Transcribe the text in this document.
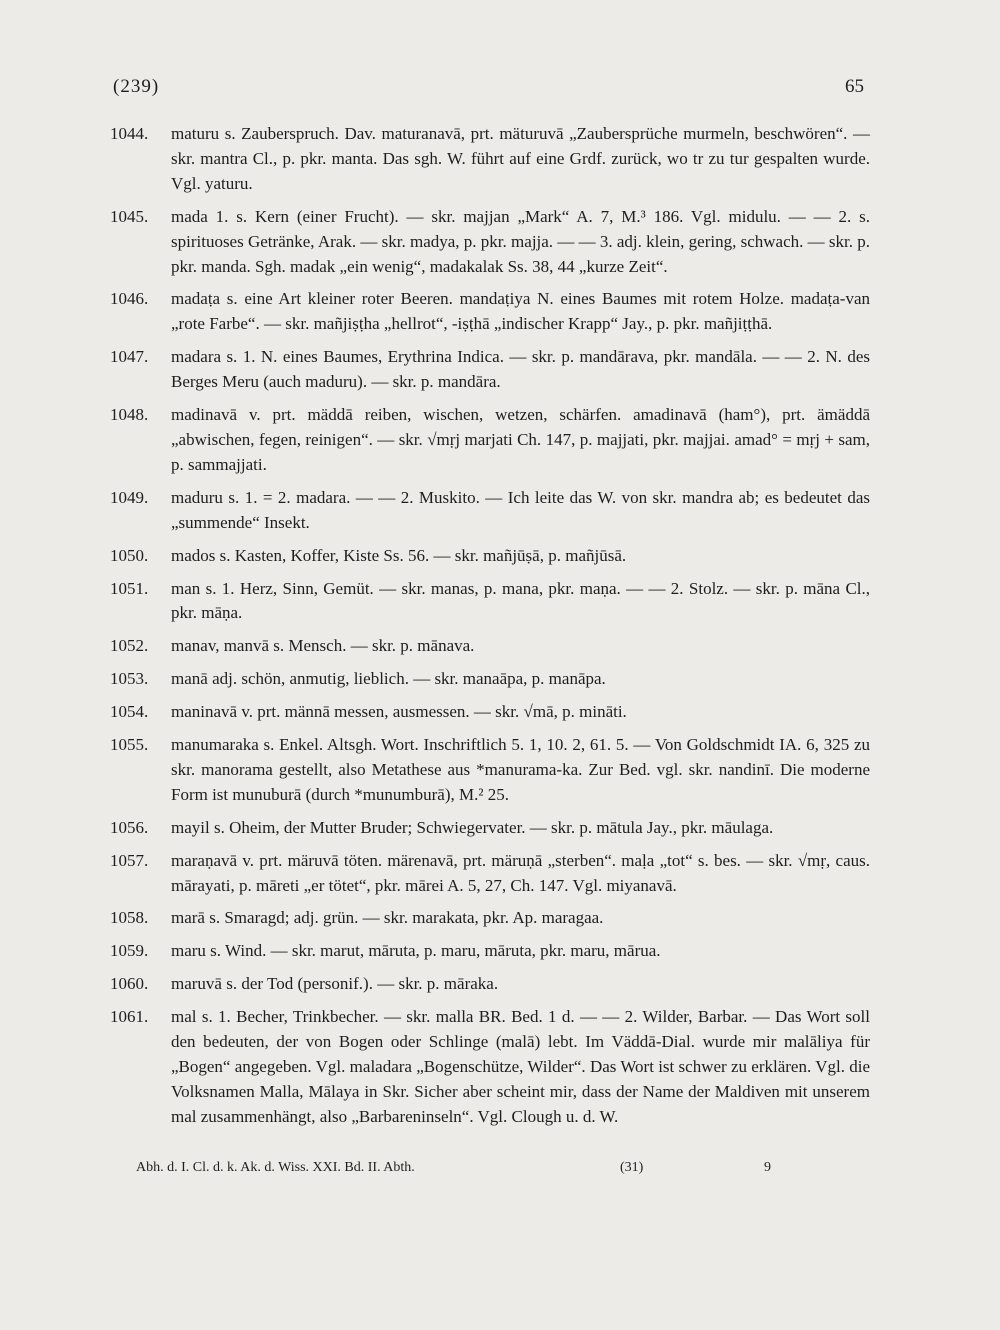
(239)	65
1044. maturu s. Zauberspruch. Dav. maturanavā, prt. mäturuvā „Zaubersprüche murmeln, beschwören“. — skr. mantra Cl., p. pkr. manta. Das sgh. W. führt auf eine Grdf. zurück, wo tr zu tur gespalten wurde. Vgl. yaturu.
1045. mada 1. s. Kern (einer Frucht). — skr. majjan „Mark“ A. 7, M.³ 186. Vgl. midulu. — — 2. s. spirituoses Getränke, Arak. — skr. madya, p. pkr. majja. — — 3. adj. klein, gering, schwach. — skr. p. pkr. manda. Sgh. madak „ein wenig“, madakalak Ss. 38, 44 „kurze Zeit“.
1046. madaṭa s. eine Art kleiner roter Beeren. mandaṭiya N. eines Baumes mit rotem Holze. madaṭa-van „rote Farbe“. — skr. mañjiṣṭha „hellrot“, -iṣṭhā „indischer Krapp“ Jay., p. pkr. mañjiṭṭhā.
1047. madara s. 1. N. eines Baumes, Erythrina Indica. — skr. p. mandārava, pkr. mandāla. — — 2. N. des Berges Meru (auch maduru). — skr. p. mandāra.
1048. madinavā v. prt. mäddā reiben, wischen, wetzen, schärfen. amadinavā (ham°), prt. ämäddā „abwischen, fegen, reinigen“. — skr. √mṛj marjati Ch. 147, p. majjati, pkr. majjai. amad° = mṛj + sam, p. sammajjati.
1049. maduru s. 1. = 2. madara. — — 2. Muskito. — Ich leite das W. von skr. mandra ab; es bedeutet das „summende“ Insekt.
1050. mados s. Kasten, Koffer, Kiste Ss. 56. — skr. mañjūṣā, p. mañjūsā.
1051. man s. 1. Herz, Sinn, Gemüt. — skr. manas, p. mana, pkr. maṇa. — — 2. Stolz. — skr. p. māna Cl., pkr. māṇa.
1052. manav, manvā s. Mensch. — skr. p. mānava.
1053. manā adj. schön, anmutig, lieblich. — skr. manaāpa, p. manāpa.
1054. maninavā v. prt. männā messen, ausmessen. — skr. √mā, p. mināti.
1055. manumaraka s. Enkel. Altsgh. Wort. Inschriftlich 5. 1, 10. 2, 61. 5. — Von Goldschmidt IA. 6, 325 zu skr. manorama gestellt, also Metathese aus *manurama-ka. Zur Bed. vgl. skr. nandinī. Die moderne Form ist munuburā (durch *munumburā), M.² 25.
1056. mayil s. Oheim, der Mutter Bruder; Schwiegervater. — skr. p. mātula Jay., pkr. māulaga.
1057. maraṇavā v. prt. märuvā töten. märenavā, prt. märuṇā „sterben“. maḷa „tot“ s. bes. — skr. √mṛ, caus. mārayati, p. māreti „er tötet“, pkr. mārei A. 5, 27, Ch. 147. Vgl. miyanavā.
1058. marā s. Smaragd; adj. grün. — skr. marakata, pkr. Ap. maragaa.
1059. maru s. Wind. — skr. marut, māruta, p. maru, māruta, pkr. maru, mārua.
1060. maruvā s. der Tod (personif.). — skr. p. māraka.
1061. mal s. 1. Becher, Trinkbecher. — skr. malla BR. Bed. 1 d. — — 2. Wilder, Barbar. — Das Wort soll den bedeuten, der von Bogen oder Schlinge (malā) lebt. Im Väddā-Dial. wurde mir malāliya für „Bogen“ angegeben. Vgl. maladara „Bogenschütze, Wilder“. Das Wort ist schwer zu erklären. Vgl. die Volksnamen Malla, Mālaya in Skr. Sicher aber scheint mir, dass der Name der Maldiven mit unserem mal zusammenhängt, also „Barbareninseln“. Vgl. Clough u. d. W.
Abh. d. I. Cl. d. k. Ak. d. Wiss. XXI. Bd. II. Abth.	(31)	9
